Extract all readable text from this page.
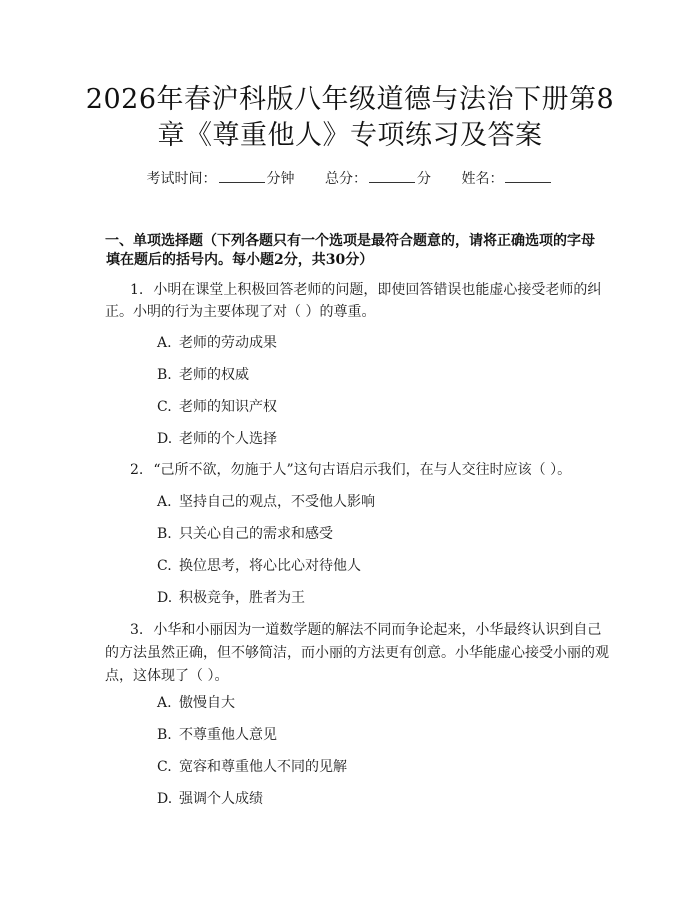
2026年春沪科版八年级道德与法治下册第8
章《尊重他人》专项练习及答案
考试时间：	分钟 总分：	分 姓名：
一、单项选择题（下列各题只有一个选项是最符合题意的，请将正确选项的字母
填在题后的括号内。每小题2分，共30分）
1. 小明在课堂上积极回答老师的问题，即使回答错误也能虚心接受老师的纠
正。小明的行为主要体现了对（ ）的尊重。
A. 老师的劳动成果
B. 老师的权威
C. 老师的知识产权
D. 老师的个人选择
2. “己所不欲，勿施于人”这句古语启示我们，在与人交往时应该（ ）。
A. 坚持自己的观点，不受他人影响
B. 只关心自己的需求和感受
C. 换位思考，将心比心对待他人
D. 积极竞争，胜者为王
3. 小华和小丽因为一道数学题的解法不同而争论起来，小华最终认识到自己
的方法虽然正确，但不够简洁，而小丽的方法更有创意。小华能虚心接受小丽的观
点，这体现了（ ）。
A. 傲慢自大
B. 不尊重他人意见
C. 宽容和尊重他人不同的见解
D. 强调个人成绩
